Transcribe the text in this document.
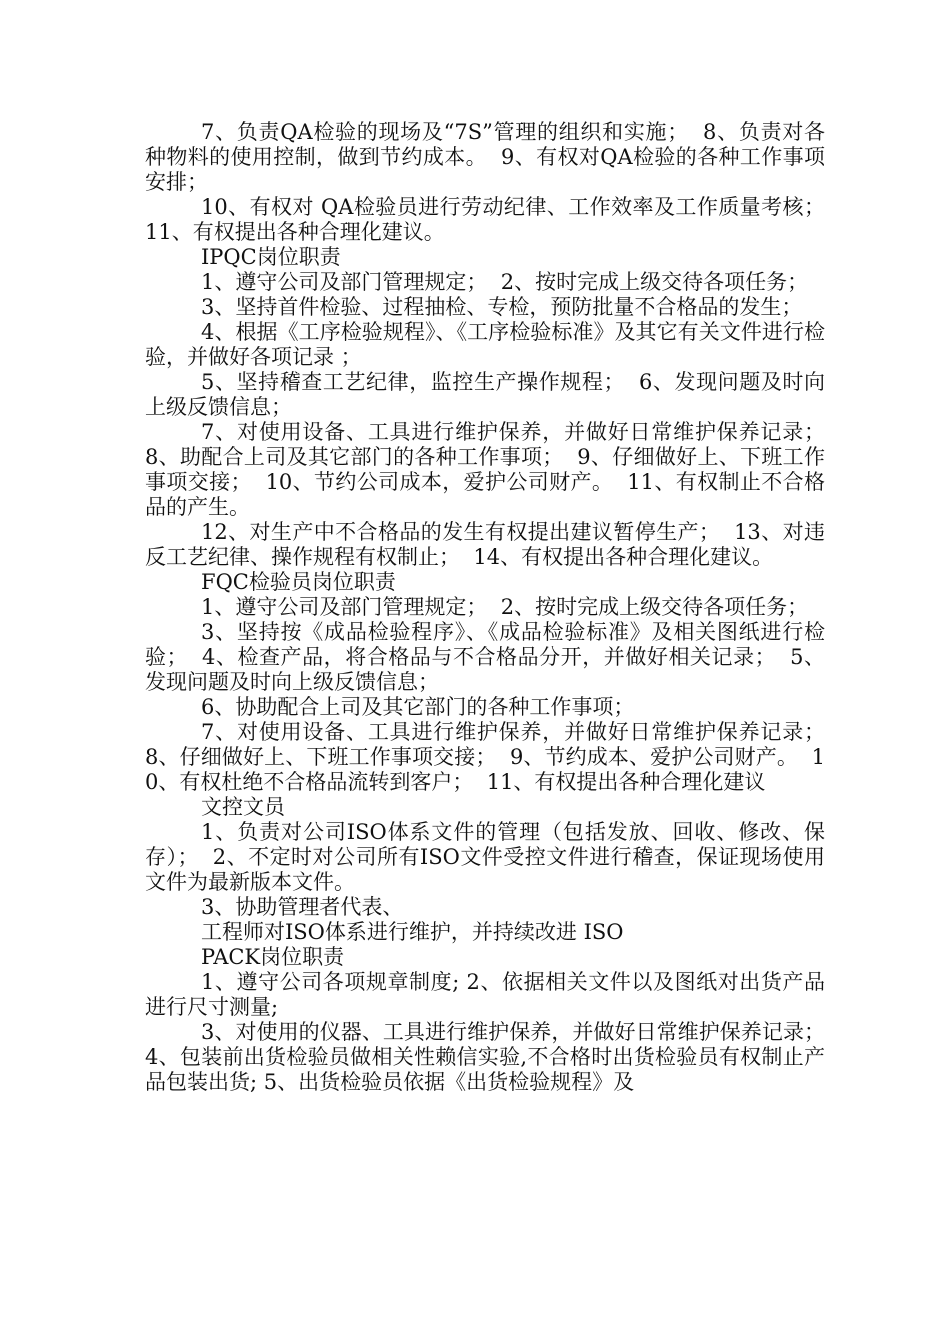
7、负责QA检验的现场及“7S”管理的组织和实施；  8、负责对各种物料的使用控制，做到节约成本。  9、有权对QA检验的各种工作事项安排；

10、有权对 QA检验员进行劳动纪律、工作效率及工作质量考核；  11、有权提出各种合理化建议。

IPQC岗位职责

1、遵守公司及部门管理规定；  2、按时完成上级交待各项任务；

3、坚持首件检验、过程抽检、专检，预防批量不合格品的发生；

4、根据《工序检验规程》、《工序检验标准》及其它有关文件进行检验，并做好各项记录 ；

5、坚持稽查工艺纪律，监控生产操作规程；  6、发现问题及时向上级反馈信息；

7、对使用设备、工具进行维护保养，并做好日常维护保养记录；  8、助配合上司及其它部门的各种工作事项；  9、仔细做好上、下班工作事项交接；  10、节约公司成本，爱护公司财产。  11、有权制止不合格品的产生。

12、对生产中不合格品的发生有权提出建议暂停生产；  13、对违反工艺纪律、操作规程有权制止；  14、有权提出各种合理化建议。

FQC检验员岗位职责

1、遵守公司及部门管理规定；  2、按时完成上级交待各项任务；

3、坚持按《成品检验程序》、《成品检验标准》及相关图纸进行检验；  4、检查产品，将合格品与不合格品分开，并做好相关记录；  5、发现问题及时向上级反馈信息；

6、协助配合上司及其它部门的各种工作事项；

7、对使用设备、工具进行维护保养，并做好日常维护保养记录；  8、仔细做好上、下班工作事项交接；  9、节约成本、爱护公司财产。  10、有权杜绝不合格品流转到客户；  11、有权提出各种合理化建议

文控文员

1、负责对公司ISO体系文件的管理（包括发放、回收、修改、保存）；  2、不定时对公司所有ISO文件受控文件进行稽查，保证现场使用文件为最新版本文件。

3、协助管理者代表、

工程师对ISO体系进行维护，并持续改进 ISO

PACK岗位职责

1、遵守公司各项规章制度; 2、依据相关文件以及图纸对出货产品进行尺寸测量;

3、对使用的仪器、工具进行维护保养，并做好日常维护保养记录；  4、包装前出货检验员做相关性赖信实验,不合格时出货检验员有权制止产品包装出货; 5、出货检验员依据《出货检验规程》及
